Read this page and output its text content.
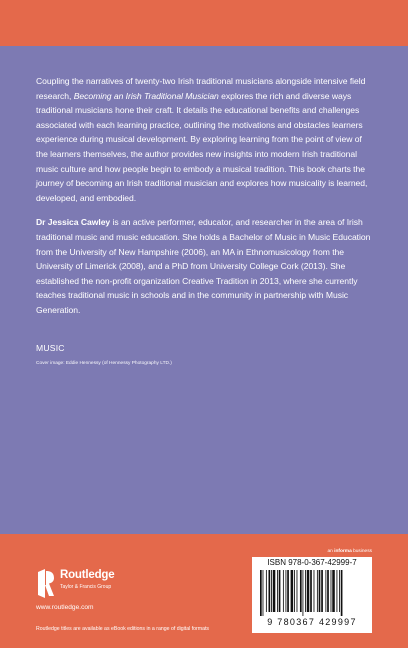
Coupling the narratives of twenty-two Irish traditional musicians alongside intensive field research, Becoming an Irish Traditional Musician explores the rich and diverse ways traditional musicians hone their craft. It details the educational benefits and challenges associated with each learning practice, outlining the motivations and obstacles learners experience during musical development. By exploring learning from the point of view of the learners themselves, the author provides new insights into modern Irish traditional music culture and how people begin to embody a musical tradition. This book charts the journey of becoming an Irish traditional musician and explores how musicality is learned, developed, and embodied.

Dr Jessica Cawley is an active performer, educator, and researcher in the area of Irish traditional music and music education. She holds a Bachelor of Music in Music Education from the University of New Hampshire (2006), an MA in Ethnomusicology from the University of Limerick (2008), and a PhD from University College Cork (2013). She established the non-profit organization Creative Tradition in 2013, where she currently teaches traditional music in schools and in the community in partnership with Music Generation.

MUSIC
Cover image: Eddie Hennessy (of Hennessy Photography LTD.)
Routledge
Taylor & Francis Group
www.routledge.com
Routledge titles are available as eBook editions in a range of digital formats
an informa business
ISBN 978-0-367-42999-7
9 780367 429997
